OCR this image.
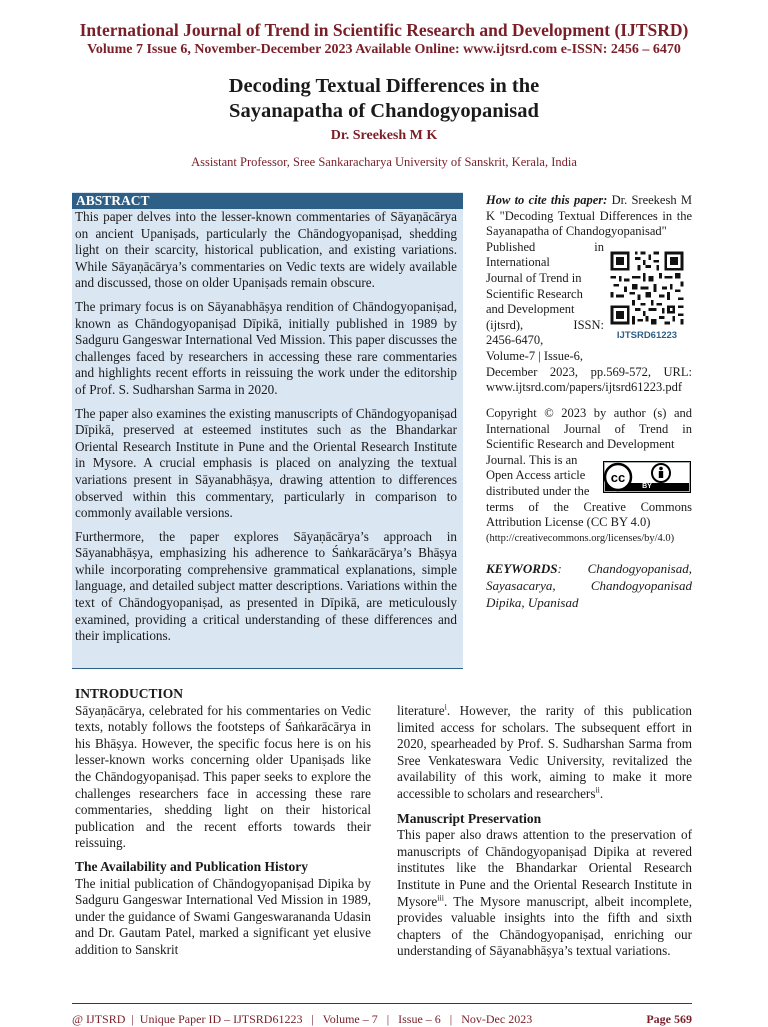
International Journal of Trend in Scientific Research and Development (IJTSRD)
Volume 7 Issue 6, November-December 2023 Available Online: www.ijtsrd.com e-ISSN: 2456 – 6470
Decoding Textual Differences in the
Sayanapatha of Chandogyopanisad
Dr. Sreekesh M K
Assistant Professor, Sree Sankaracharya University of Sanskrit, Kerala, India
ABSTRACT

This paper delves into the lesser-known commentaries of Sāyaṇācārya on ancient Upaniṣads, particularly the Chāndogyopaniṣad, shedding light on their scarcity, historical publication, and existing variations. While Sāyaṇācārya’s commentaries on Vedic texts are widely available and discussed, those on older Upaniṣads remain obscure.

The primary focus is on Sāyanabhāṣya rendition of Chāndogyopaniṣad, known as Chāndogyopaniṣad Dīpikā, initially published in 1989 by Sadguru Gangeswar International Ved Mission. This paper discusses the challenges faced by researchers in accessing these rare commentaries and highlights recent efforts in reissuing the work under the editorship of Prof. S. Sudharshan Sarma in 2020.

The paper also examines the existing manuscripts of Chāndogyopaniṣad Dīpikā, preserved at esteemed institutes such as the Bhandarkar Oriental Research Institute in Pune and the Oriental Research Institute in Mysore. A crucial emphasis is placed on analyzing the textual variations present in Sāyanabhāṣya, drawing attention to differences observed within this commentary, particularly in comparison to commonly available versions.

Furthermore, the paper explores Sāyaṇācārya’s approach in Sāyanabhāṣya, emphasizing his adherence to Śaṅkarācārya’s Bhāṣya while incorporating comprehensive grammatical explanations, simple language, and detailed subject matter descriptions. Variations within the text of Chāndogyopaniṣad, as presented in Dīpikā, are meticulously examined, providing a critical understanding of these differences and their implications.

How to cite this paper: Dr. Sreekesh M K "Decoding Textual Differences in the Sayanapatha of Chandogyopanisad"
Published	in
International
Journal of Trend in
Scientific Research
and Development
(ijtsrd),	ISSN:
2456-6470,
Volume-7 | Issue-6,
December 2023, pp.569-572, URL: www.ijtsrd.com/papers/ijtsrd61223.pdf
IJTSRD61223
Copyright © 2023 by author (s) and International Journal of Trend in Scientific Research and Development
Journal. This is an
Open Access article
distributed under the
terms of the Creative Commons Attribution License (CC BY 4.0)
(http://creativecommons.org/licenses/by/4.0)
cc
BY
KEYWORDS: Chandogyopanisad, Sayasacarya, Chandogyopanisad Dipika, Upanisad
INTRODUCTION

Sāyaṇācārya, celebrated for his commentaries on Vedic texts, notably follows the footsteps of Śaṅkarācārya in his Bhāṣya. However, the specific focus here is on his lesser-known works concerning older Upaniṣads like the Chāndogyopaniṣad. This paper seeks to explore the challenges researchers face in accessing these rare commentaries, shedding light on their historical publication and the recent efforts towards their reissuing.

The Availability and Publication History

The initial publication of Chāndogyopaniṣad Dipika by Sadguru Gangeswar International Ved Mission in 1989, under the guidance of Swami Gangeswarananda Udasin and Dr. Gautam Patel, marked a significant yet elusive addition to Sanskrit

literature$^i$. However, the rarity of this publication limited access for scholars. The subsequent effort in 2020, spearheaded by Prof. S. Sudharshan Sarma from Sree Venkateswara Vedic University, revitalized the availability of this work, aiming to make it more accessible to scholars and researchers$^{ii}$.

Manuscript Preservation

This paper also draws attention to the preservation of manuscripts of Chāndogyopaniṣad Dipika at revered institutes like the Bhandarkar Oriental Research Institute in Pune and the Oriental Research Institute in Mysore$^{iii}$. The Mysore manuscript, albeit incomplete, provides valuable insights into the fifth and sixth chapters of the Chāndogyopaniṣad, enriching our understanding of Sāyanabhāṣya’s textual variations.

@ IJTSRD  |  Unique Paper ID – IJTSRD61223   |   Volume – 7   |   Issue – 6   |   Nov-Dec 2023	Page 569
